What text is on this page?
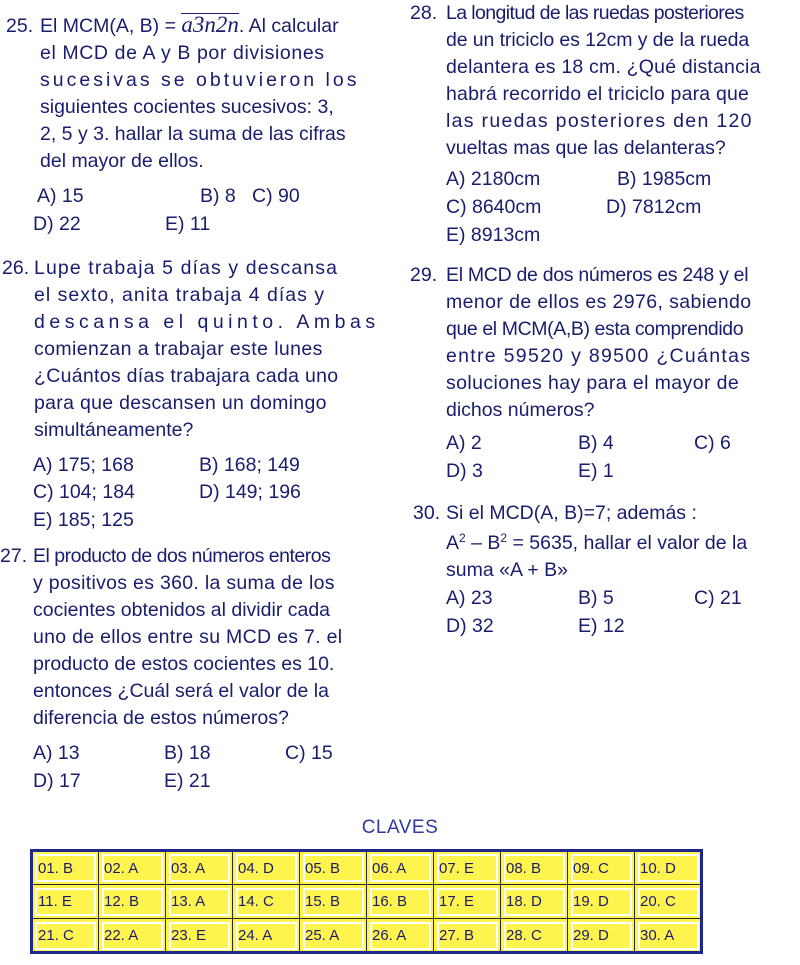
25. El MCM(A, B) = a3n2n. Al calcular
el MCD de A y B por divisiones
sucesivas se obtuvieron los
siguientes cocientes sucesivos: 3,
2, 5 y 3. hallar la suma de las cifras
del mayor de ellos.
A) 15	B) 8 C) 90
D) 22	E) 11
26. Lupe trabaja 5 días y descansa
el sexto, anita trabaja 4 días y
descansa el quinto. Ambas
comienzan a trabajar este lunes
¿Cuántos días trabajara cada uno
para que descansen un domingo
simultáneamente?
A) 175; 168	B) 168; 149
C) 104; 184	D) 149; 196
E) 185; 125
27. El producto de dos números enteros
y positivos es 360. la suma de los
cocientes obtenidos al dividir cada
uno de ellos entre su MCD es 7. el
producto de estos cocientes es 10.
entonces ¿Cuál será el valor de la
diferencia de estos números?
A) 13	B) 18	C) 15
D) 17	E) 21
28. La longitud de las ruedas posteriores
de un triciclo es 12cm y de la rueda
delantera es 18 cm. ¿Qué distancia
habrá recorrido el triciclo para que
las ruedas posteriores den 120
vueltas mas que las delanteras?
A) 2180cm	B) 1985cm
C) 8640cm	D) 7812cm
E) 8913cm
29. El MCD de dos números es 248 y el
menor de ellos es 2976, sabiendo
que el MCM(A,B) esta comprendido
entre 59520 y 89500 ¿Cuántas
soluciones hay para el mayor de
dichos números?
A) 2	B) 4	C) 6
D) 3	E) 1
30. Si el MCD(A, B)=7; además :
$A^2 - B^2 = 5635$, hallar el valor de la
suma «A + B»
A) 23	B) 5	C) 21
D) 32	E) 12
CLAVES
01. B	02. A	03. A	04. D	05. B	06. A	07. E	08. B	09. C	10. D
11. E	12. B	13. A	14. C	15. B	16. B	17. E	18. D	19. D	20. C
21. C	22. A	23. E	24. A	25. A	26. A	27. B	28. C	29. D	30. A
